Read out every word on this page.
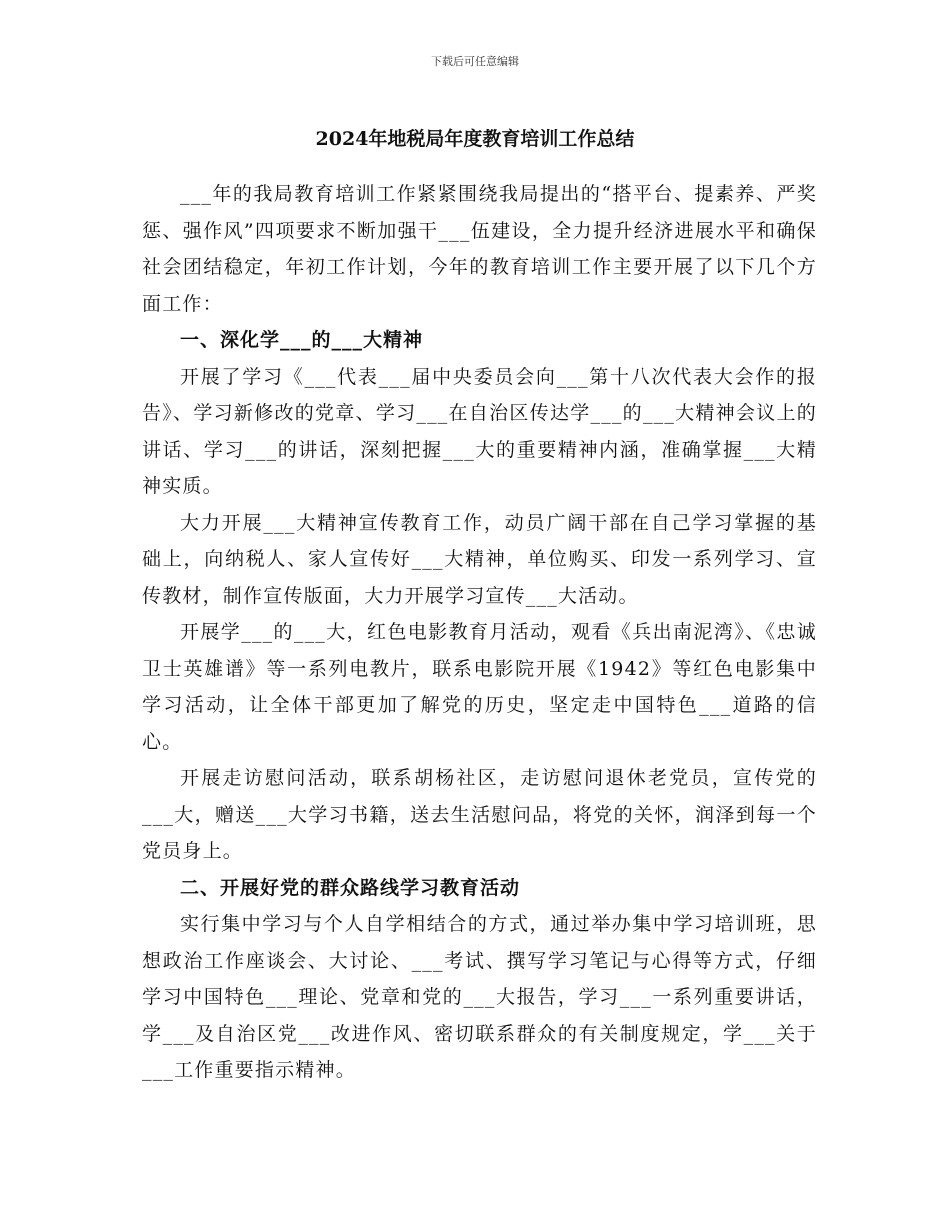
下载后可任意编辑
2024年地税局年度教育培训工作总结

___年的我局教育培训工作紧紧围绕我局提出的“搭平台、提素养、严奖惩、强作风”四项要求不断加强干___伍建设，全力提升经济进展水平和确保社会团结稳定，年初工作计划，今年的教育培训工作主要开展了以下几个方面工作：

一、深化学___的___大精神

开展了学习《___代表___届中央委员会向___第十八次代表大会作的报告》、学习新修改的党章、学习___在自治区传达学___的___大精神会议上的讲话、学习___的讲话，深刻把握___大的重要精神内涵，准确掌握___大精神实质。

大力开展___大精神宣传教育工作，动员广阔干部在自己学习掌握的基础上，向纳税人、家人宣传好___大精神，单位购买、印发一系列学习、宣传教材，制作宣传版面，大力开展学习宣传___大活动。

开展学___的___大，红色电影教育月活动，观看《兵出南泥湾》、《忠诚卫士英雄谱》等一系列电教片，联系电影院开展《1942》等红色电影集中学习活动，让全体干部更加了解党的历史，坚定走中国特色___道路的信心。

开展走访慰问活动，联系胡杨社区，走访慰问退休老党员，宣传党的___大，赠送___大学习书籍，送去生活慰问品，将党的关怀，润泽到每一个党员身上。

二、开展好党的群众路线学习教育活动

实行集中学习与个人自学相结合的方式，通过举办集中学习培训班，思想政治工作座谈会、大讨论、___考试、撰写学习笔记与心得等方式，仔细学习中国特色___理论、党章和党的___大报告，学习___一系列重要讲话，学___及自治区党___改进作风、密切联系群众的有关制度规定，学___关于___工作重要指示精神。
